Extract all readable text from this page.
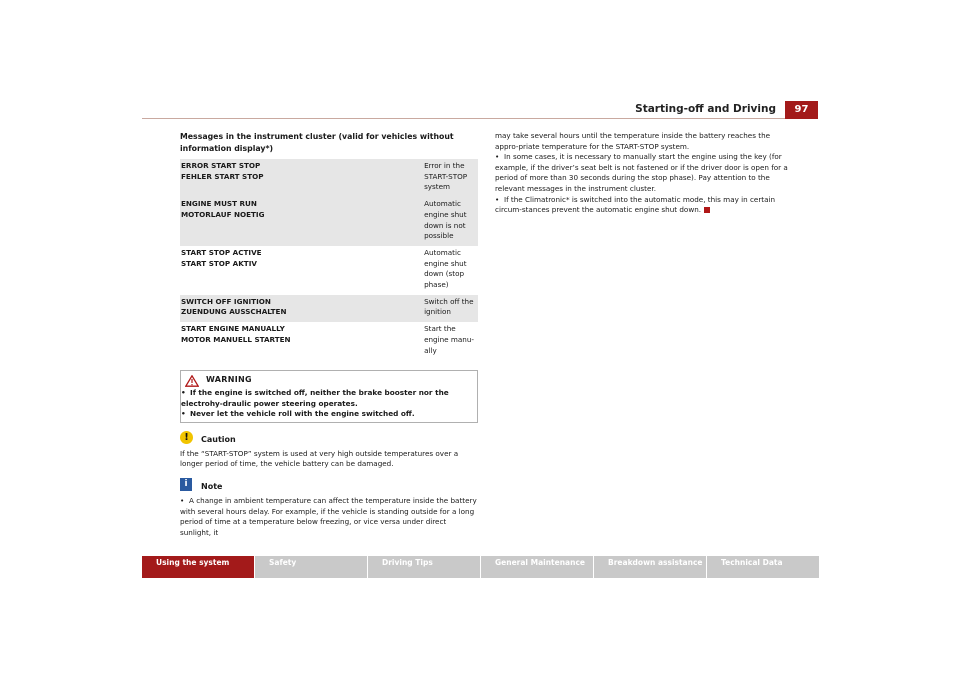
Starting-off and Driving	97
Messages in the instrument cluster (valid for vehicles without information display*)
ERROR START STOP
FEHLER START STOP	Error in the START-STOP system

ENGINE MUST RUN
MOTORLAUF NOETIG	Automatic engine shut down is not possible

START STOP ACTIVE
START STOP AKTIV	Automatic engine shut down (stop phase)

SWITCH OFF IGNITION
ZUENDUNG AUSSCHALTEN	Switch off the ignition

START ENGINE MANUALLY
MOTOR MANUELL STARTEN	Start the engine manu-ally
WARNING
• If the engine is switched off, neither the brake booster nor the electrohy-draulic power steering operates.
• Never let the vehicle roll with the engine switched off.
!	Caution

If the “START-STOP” system is used at very high outside temperatures over a longer period of time, the vehicle battery can be damaged.

i	Note
• A change in ambient temperature can affect the temperature inside the battery with several hours delay. For example, if the vehicle is standing outside for a long period of time at a temperature below freezing, or vice versa under direct sunlight, it

may take several hours until the temperature inside the battery reaches the appro-priate temperature for the START-STOP system.

• In some cases, it is necessary to manually start the engine using the key (for example, if the driver’s seat belt is not fastened or if the driver door is open for a period of more than 30 seconds during the stop phase). Pay attention to the relevant messages in the instrument cluster.
• If the Climatronic* is switched into the automatic mode, this may in certain circum-stances prevent the automatic engine shut down.
Using the system	Safety	Driving Tips	General Maintenance	Breakdown assistance	Technical Data
